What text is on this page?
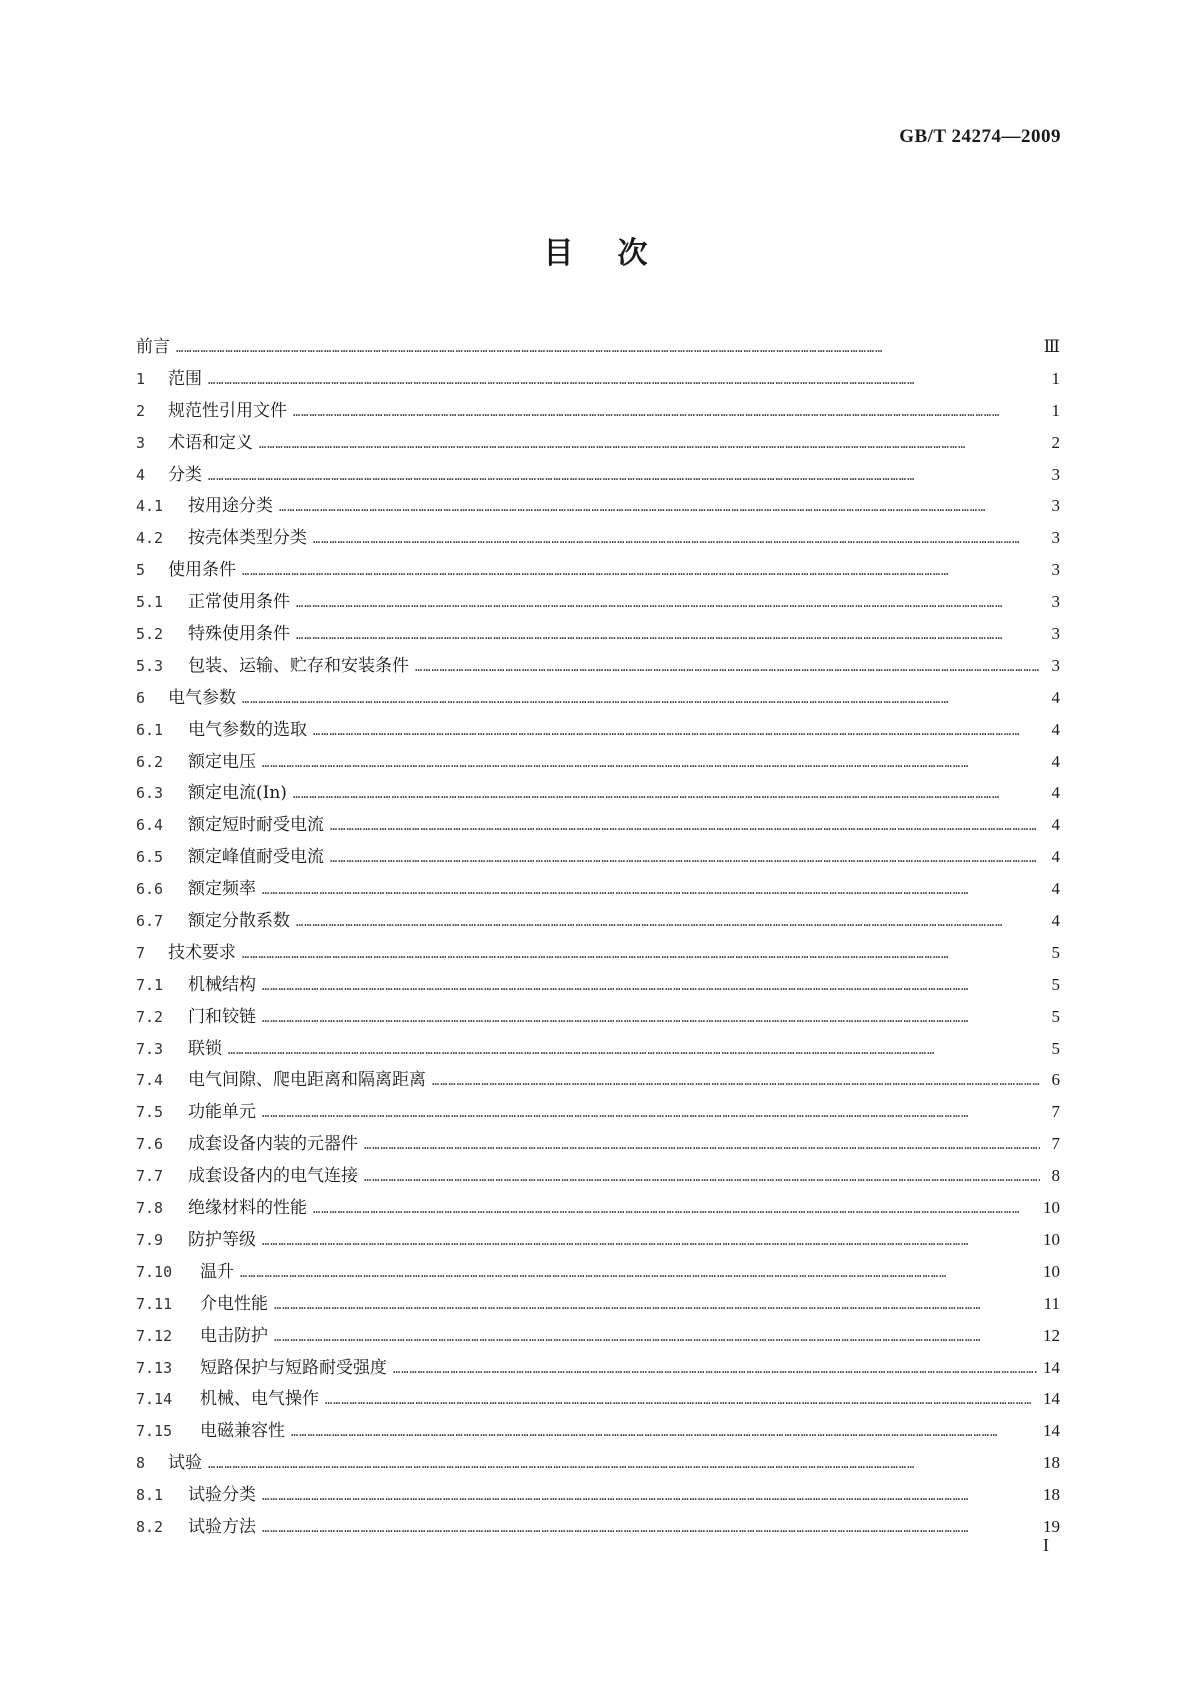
GB/T 24274—2009
目次
前言 ……………………………………………………………………………………………………………………………………………………………………………………………………………………………………	Ⅲ
1	范围 ……………………………………………………………………………………………………………………………………………………………………………………………………………………………………	1
2	规范性引用文件 ……………………………………………………………………………………………………………………………………………………………………………………………………………………………………	1
3	术语和定义 ……………………………………………………………………………………………………………………………………………………………………………………………………………………………………	2
4	分类 ……………………………………………………………………………………………………………………………………………………………………………………………………………………………………	3
4.1	按用途分类 ……………………………………………………………………………………………………………………………………………………………………………………………………………………………………	3
4.2	按壳体类型分类 ……………………………………………………………………………………………………………………………………………………………………………………………………………………………………	3
5	使用条件 ……………………………………………………………………………………………………………………………………………………………………………………………………………………………………	3
5.1	正常使用条件 ……………………………………………………………………………………………………………………………………………………………………………………………………………………………………	3
5.2	特殊使用条件 ……………………………………………………………………………………………………………………………………………………………………………………………………………………………………	3
5.3	包装、运输、贮存和安装条件 ……………………………………………………………………………………………………………………………………………………………………………………………………………………………………	3
6	电气参数 ……………………………………………………………………………………………………………………………………………………………………………………………………………………………………	4
6.1	电气参数的选取 ……………………………………………………………………………………………………………………………………………………………………………………………………………………………………	4
6.2	额定电压 ……………………………………………………………………………………………………………………………………………………………………………………………………………………………………	4
6.3	额定电流(In) ……………………………………………………………………………………………………………………………………………………………………………………………………………………………………	4
6.4	额定短时耐受电流 ……………………………………………………………………………………………………………………………………………………………………………………………………………………………………	4
6.5	额定峰值耐受电流 ……………………………………………………………………………………………………………………………………………………………………………………………………………………………………	4
6.6	额定频率 ……………………………………………………………………………………………………………………………………………………………………………………………………………………………………	4
6.7	额定分散系数 ……………………………………………………………………………………………………………………………………………………………………………………………………………………………………	4
7	技术要求 ……………………………………………………………………………………………………………………………………………………………………………………………………………………………………	5
7.1	机械结构 ……………………………………………………………………………………………………………………………………………………………………………………………………………………………………	5
7.2	门和铰链 ……………………………………………………………………………………………………………………………………………………………………………………………………………………………………	5
7.3	联锁 ……………………………………………………………………………………………………………………………………………………………………………………………………………………………………	5
7.4	电气间隙、爬电距离和隔离距离 ……………………………………………………………………………………………………………………………………………………………………………………………………………………………………	6
7.5	功能单元 ……………………………………………………………………………………………………………………………………………………………………………………………………………………………………	7
7.6	成套设备内装的元器件 ……………………………………………………………………………………………………………………………………………………………………………………………………………………………………	7
7.7	成套设备内的电气连接 ……………………………………………………………………………………………………………………………………………………………………………………………………………………………………	8
7.8	绝缘材料的性能 ……………………………………………………………………………………………………………………………………………………………………………………………………………………………………	10
7.9	防护等级 ……………………………………………………………………………………………………………………………………………………………………………………………………………………………………	10
7.10	温升 ……………………………………………………………………………………………………………………………………………………………………………………………………………………………………	10
7.11	介电性能 ……………………………………………………………………………………………………………………………………………………………………………………………………………………………………	11
7.12	电击防护 ……………………………………………………………………………………………………………………………………………………………………………………………………………………………………	12
7.13	短路保护与短路耐受强度 ……………………………………………………………………………………………………………………………………………………………………………………………………………………………………	14
7.14	机械、电气操作 ……………………………………………………………………………………………………………………………………………………………………………………………………………………………………	14
7.15	电磁兼容性 ……………………………………………………………………………………………………………………………………………………………………………………………………………………………………	14
8	试验 ……………………………………………………………………………………………………………………………………………………………………………………………………………………………………	18
8.1	试验分类 ……………………………………………………………………………………………………………………………………………………………………………………………………………………………………	18
8.2	试验方法 ……………………………………………………………………………………………………………………………………………………………………………………………………………………………………	19
I
